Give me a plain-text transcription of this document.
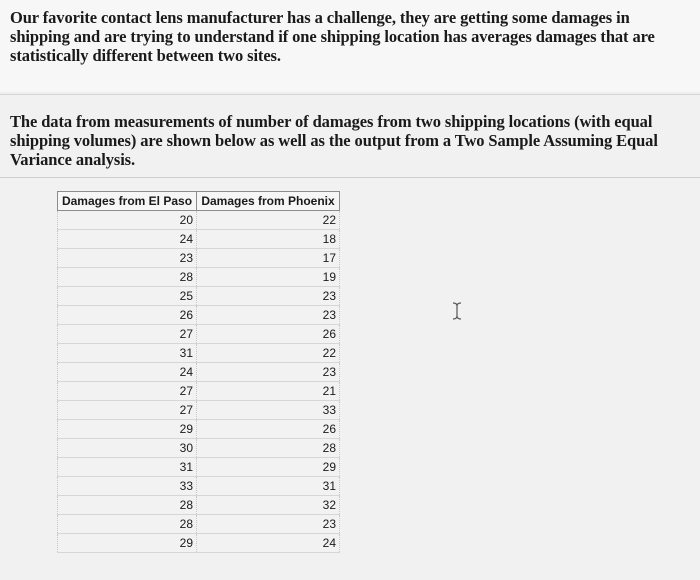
Our favorite contact lens manufacturer has a challenge, they are getting some damages in
shipping and are trying to understand if one shipping location has averages damages that are
statistically different between two sites.

The data from measurements of number of damages from two shipping locations (with equal
shipping volumes) are shown below as well as the output from a Two Sample Assuming Equal
Variance analysis.

Damages from El Paso	Damages from Phoenix
20	22
24	18
23	17
28	19
25	23
26	23
27	26
31	22
24	23
27	21
27	33
29	26
30	28
31	29
33	31
28	32
28	23
29	24
